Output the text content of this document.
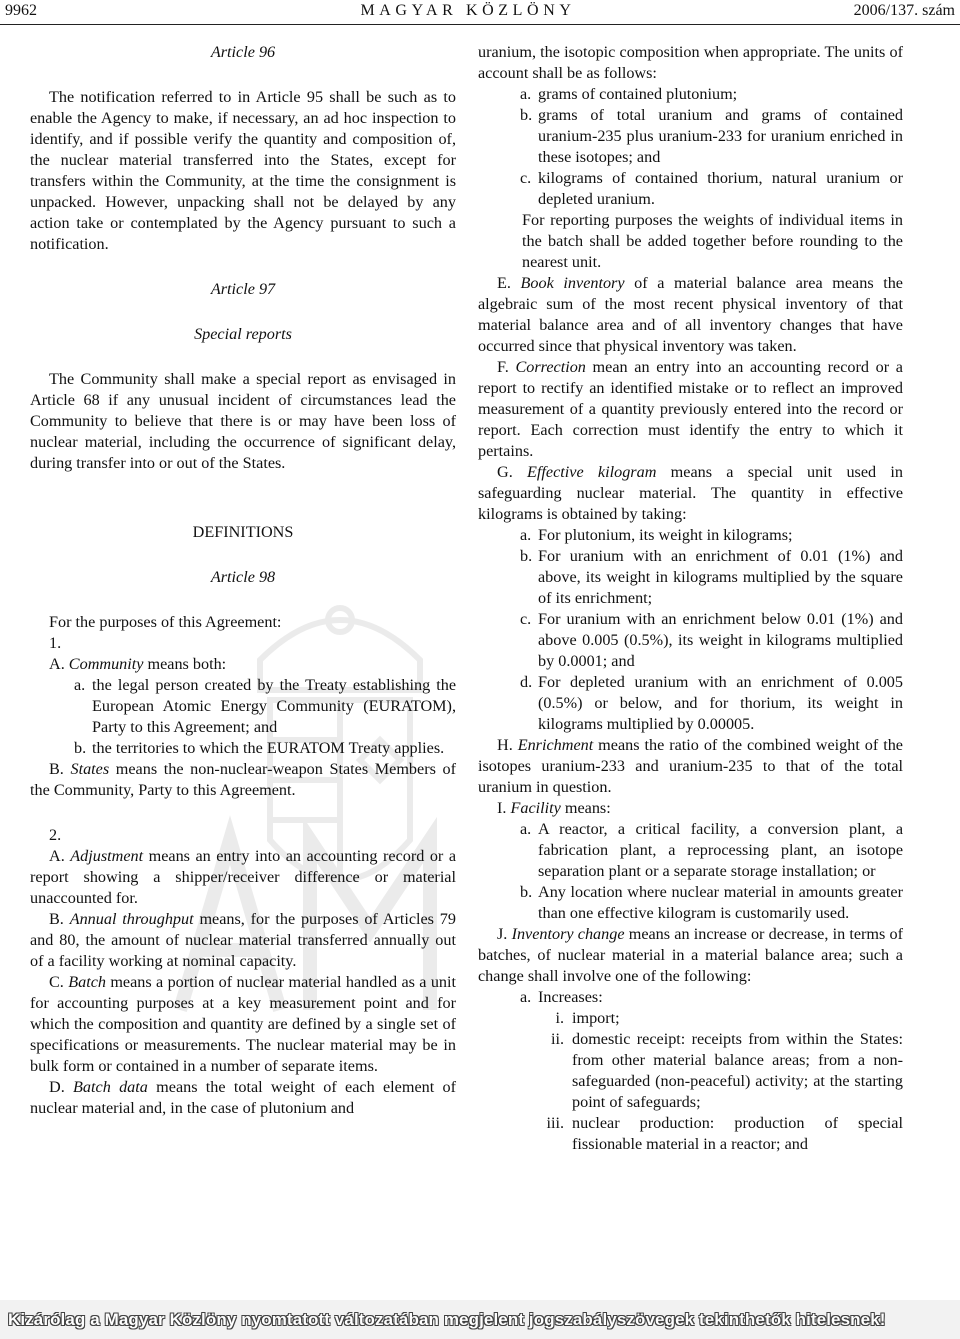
9962	MAGYAR KÖZLÖNY	2006/137. szám

Article 96

The notification referred to in Article 95 shall be such as to enable the Agency to make, if necessary, an ad hoc inspection to identify, and if possible verify the quantity and composition of, the nuclear material transferred into the States, except for transfers within the Community, at the time the consignment is unpacked. However, unpacking shall not be delayed by any action take or contemplated by the Agency pursuant to such a notification.

Article 97

Special reports

The Community shall make a special report as envisaged in Article 68 if any unusual incident of circumstances lead the Community to believe that there is or may have been loss of nuclear material, including the occurrence of significant delay, during transfer into or out of the States.

DEFINITIONS

Article 98

For the purposes of this Agreement:

1.

A. Community means both:

a. the legal person created by the Treaty establishing the European Atomic Energy Community (EURATOM), Party to this Agreement; and
b. the territories to which the EURATOM Treaty applies.

B. States means the non-nuclear-weapon States Members of the Community, Party to this Agreement.

2.

A. Adjustment means an entry into an accounting record or a report showing a shipper/receiver difference or material unaccounted for.

B. Annual throughput means, for the purposes of Articles 79 and 80, the amount of nuclear material transferred annually out of a facility working at nominal capacity.

C. Batch means a portion of nuclear material handled as a unit for accounting purposes at a key measurement point and for which the composition and quantity are defined by a single set of specifications or measurements. The nuclear material may be in bulk form or contained in a number of separate items.

D. Batch data means the total weight of each element of nuclear material and, in the case of plutonium and

uranium, the isotopic composition when appropriate. The units of account shall be as follows:

a. grams of contained plutonium;
b. grams of total uranium and grams of contained uranium-235 plus uranium-233 for uranium enriched in these isotopes; and
c. kilograms of contained thorium, natural uranium or depleted uranium.

For reporting purposes the weights of individual items in the batch shall be added together before rounding to the nearest unit.

E. Book inventory of a material balance area means the algebraic sum of the most recent physical inventory of that material balance area and of all inventory changes that have occurred since that physical inventory was taken.

F. Correction mean an entry into an accounting record or a report to rectify an identified mistake or to reflect an improved measurement of a quantity previously entered into the record or report. Each correction must identify the entry to which it pertains.

G. Effective kilogram means a special unit used in safeguarding nuclear material. The quantity in effective kilograms is obtained by taking:

a. For plutonium, its weight in kilograms;
b. For uranium with an enrichment of 0.01 (1%) and above, its weight in kilograms multiplied by the square of its enrichment;
c. For uranium with an enrichment below 0.01 (1%) and above 0.005 (0.5%), its weight in kilograms multiplied by 0.0001; and
d. For depleted uranium with an enrichment of 0.005 (0.5%) or below, and for thorium, its weight in kilograms multiplied by 0.00005.

H. Enrichment means the ratio of the combined weight of the isotopes uranium-233 and uranium-235 to that of the total uranium in question.

I. Facility means:

a. A reactor, a critical facility, a conversion plant, a fabrication plant, a reprocessing plant, an isotope separation plant or a separate storage installation; or
b. Any location where nuclear material in amounts greater than one effective kilogram is customarily used.

J. Inventory change means an increase or decrease, in terms of batches, of nuclear material in a material balance area; such a change shall involve one of the following:

a. Increases:
i. import;
ii. domestic receipt: receipts from within the States: from other material balance areas; from a non-safeguarded (non-peaceful) activity; at the starting point of safeguards;
iii. nuclear production: production of special fissionable material in a reactor; and
Kizárólag a Magyar Közlöny nyomtatott változatában megjelent jogszabályszövegek tekinthetők hitelesnek!
